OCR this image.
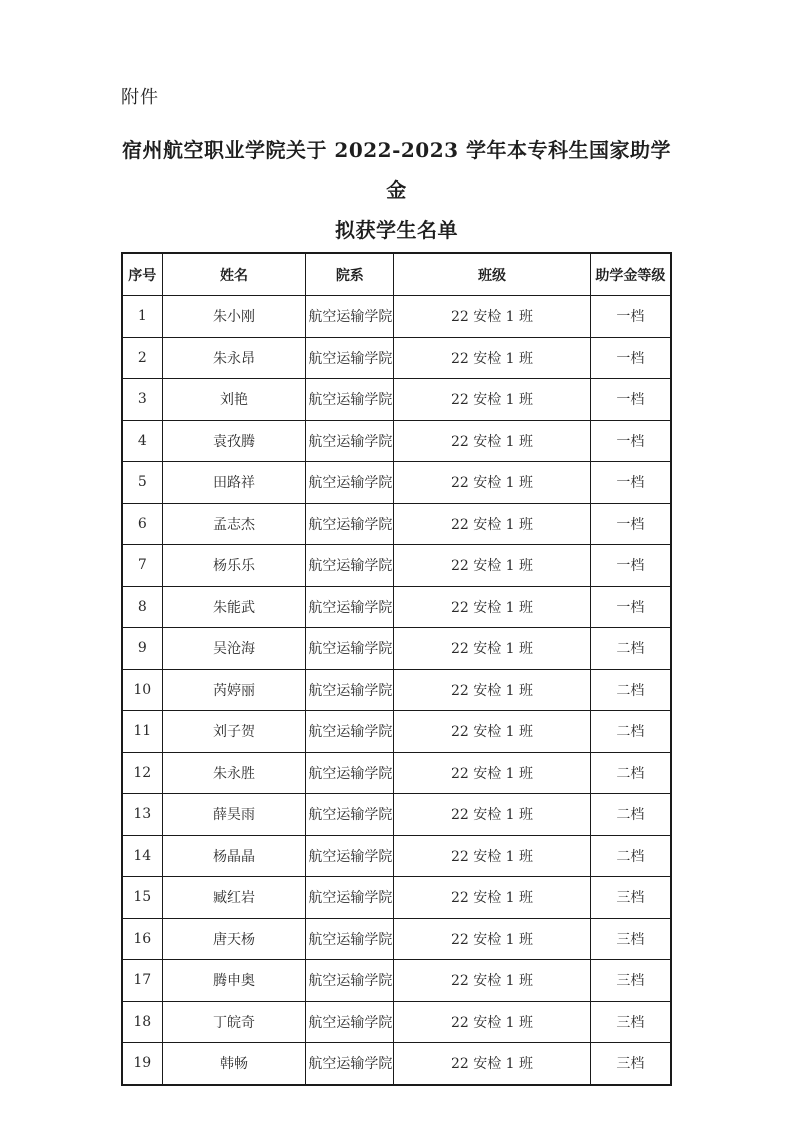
附件
宿州航空职业学院关于 2022-2023 学年本专科生国家助学金
拟获学生名单
序号	姓名	院系	班级	助学金等级
1	朱小刚	航空运输学院	22 安检 1 班	一档
2	朱永昂	航空运输学院	22 安检 1 班	一档
3	刘艳	航空运输学院	22 安检 1 班	一档
4	袁孜腾	航空运输学院	22 安检 1 班	一档
5	田路祥	航空运输学院	22 安检 1 班	一档
6	孟志杰	航空运输学院	22 安检 1 班	一档
7	杨乐乐	航空运输学院	22 安检 1 班	一档
8	朱能武	航空运输学院	22 安检 1 班	一档
9	吴沧海	航空运输学院	22 安检 1 班	二档
10	芮婷丽	航空运输学院	22 安检 1 班	二档
11	刘子贺	航空运输学院	22 安检 1 班	二档
12	朱永胜	航空运输学院	22 安检 1 班	二档
13	薛昊雨	航空运输学院	22 安检 1 班	二档
14	杨晶晶	航空运输学院	22 安检 1 班	二档
15	臧红岩	航空运输学院	22 安检 1 班	三档
16	唐天杨	航空运输学院	22 安检 1 班	三档
17	腾申奥	航空运输学院	22 安检 1 班	三档
18	丁皖奇	航空运输学院	22 安检 1 班	三档
19	韩畅	航空运输学院	22 安检 1 班	三档
